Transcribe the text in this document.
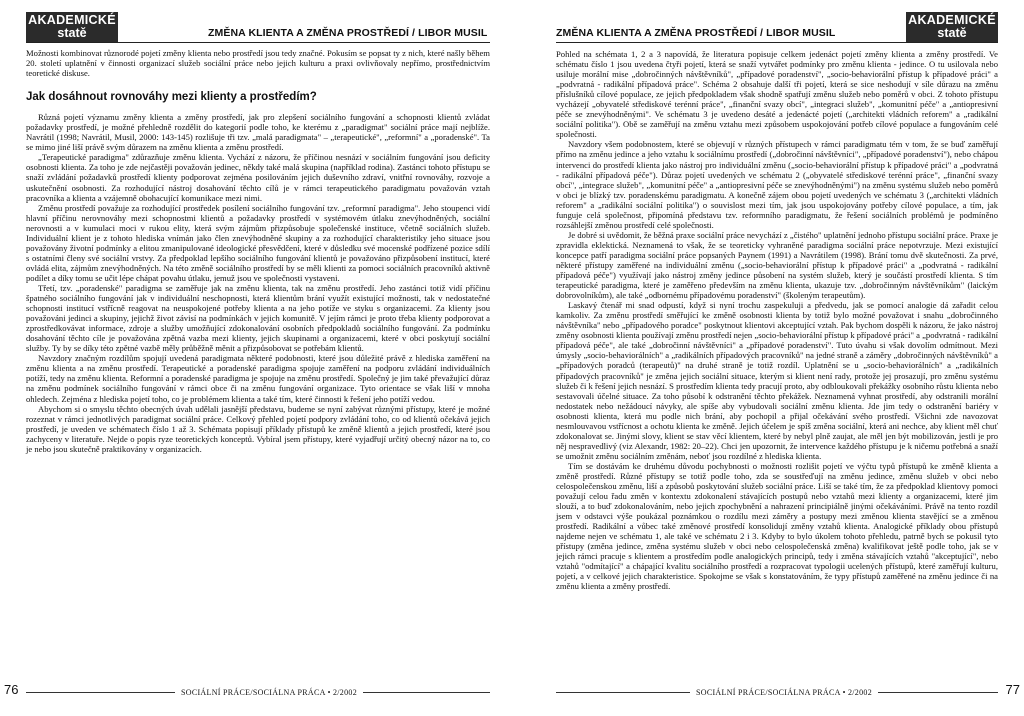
AKADEMICKÉ
statě	ZMĚNA KLIENTA A ZMĚNA PROSTŘEDÍ / LIBOR MUSIL

Možnosti kombinovat různorodé pojetí změny klienta nebo prostředí jsou tedy značné. Pokusím se popsat ty z nich, které našly během 20. století uplatnění v činnosti organizací služeb sociální práce nebo jejich kulturu a praxi ovlivňovaly nepřímo, prostřednictvím teoretické diskuse.

Jak dosáhnout rovnováhy mezi klienty a prostředím?

Různá pojetí významu změny klienta a změny prostředí, jak pro zlepšení sociálního fungování a schopnosti klientů zvládat požadavky prostředí, je možné přehledně rozdělit do kategorií podle toho, ke kterému z „paradigmat" sociální práce mají nejblíže. Navrátil (1998; Navrátil, Musil, 2000: 143-145) rozlišuje tři tzv. „malá paradigmata" – „terapeutické", „reformní" a „poradenské". Ta se mimo jiné liší právě svým důrazem na změnu klienta a změnu prostředí.

„Terapeutické paradigma" zdůrazňuje změnu klienta. Vychází z názoru, že příčinou nesnází v sociálním fungování jsou deficity osobnosti klienta. Za toho je zde nejčastěji považován jedinec, někdy také malá skupina (například rodina). Zastánci tohoto přístupu se snaží zvládání požadavků prostředí klienty podporovat zejména posilováním jejich duševního zdraví, vnitřní rovnováhy, rozvoje a uskutečnění osobnosti. Za rozhodující nástroj dosahování těchto cílů je v rámci terapeutického paradigmatu považován vztah pracovníka a klienta a vzájemně obohacující komunikace mezi nimi.

Změnu prostředí považuje za rozhodující prostředek posílení sociálního fungování tzv. „reformní paradigma". Jeho stoupenci vidí hlavní příčinu nerovnováhy mezi schopnostmi klientů a požadavky prostředí v systémovém útlaku znevýhodněných, sociální nerovnosti a v kumulaci moci v rukou elity, která svým zájmům přizpůsobuje společenské instituce, včetně sociálních služeb. Individuální klient je z tohoto hlediska vnímán jako člen znevýhodněné skupiny a za rozhodující charakteristiky jeho situace jsou považovány životní podmínky a elitou zmanipulované ideologické přesvědčení, které v důsledku své mocenské podřízené pozice sdílí s ostatními členy své sociální vrstvy. Za předpoklad lepšího sociálního fungování klientů je považováno přizpůsobení institucí, které ovládá elita, zájmům znevýhodněných. Na této změně sociálního prostředí by se měli klienti za pomoci sociálních pracovníků aktivně podílet a díky tomu se učit lépe chápat povahu útlaku, jemuž jsou ve společnosti vystaveni.

Třetí, tzv. „poradenské" paradigma se zaměřuje jak na změnu klienta, tak na změnu prostředí. Jeho zastánci totiž vidí příčinu špatného sociálního fungování jak v individuální neschopnosti, která klientům brání využít existující možnosti, tak v nedostatečné schopnosti institucí vstřícně reagovat na neuspokojené potřeby klienta a na jeho potíže ve styku s organizacemi. Za klienty jsou považováni jedinci a skupiny, jejichž život závisí na podmínkách v jejich komunitě. V jejím rámci je proto třeba klienty podporovat a zprostředkovávat informace, zdroje a služby umožňující zdokonalování osobních předpokladů sociálního fungování. Za podmínku dosahování těchto cíle je považována zpětná vazba mezi klienty, jejich skupinami a organizacemi, které v obci poskytují sociální služby. Ty by se díky této zpětné vazbě měly průběžně měnit a přizpůsobovat se potřebám klientů.

Navzdory značným rozdílům spojují uvedená paradigmata některé podobnosti, které jsou důležité právě z hlediska zaměření na změnu klienta a na změnu prostředí. Terapeutické a poradenské paradigma spojuje zaměření na podporu zvládání individuálních potíží, tedy na změnu klienta. Reformní a poradenské paradigma je spojuje na změnu prostředí. Společný je jim také převažující důraz na změnu podmínek sociálního fungování v rámci obce či na změnu fungování organizace. Tyto orientace se však liší v mnoha ohledech. Zejména z hlediska pojetí toho, co je problémem klienta a také tím, které činnosti k řešení jeho potíží vedou.

Abychom si o smyslu těchto obecných úvah udělali jasnější představu, budeme se nyní zabývat různými přístupy, které je možné rozeznat v rámci jednotlivých paradigmat sociální práce. Celkový přehled pojetí podpory zvládání toho, co od klientů očekává jejich prostředí, je uveden ve schématech číslo 1 až 3. Schémata popisují příklady přístupů ke změně klientů a jejich prostředí, které jsou zachyceny v literatuře. Nejde o popis ryze teoretických konceptů. Vybíral jsem přístupy, které vyjadřují určitý obecný názor na to, co je nebo jsou skutečně praktikovány v organizacích.

76	SOCIÁLNÍ PRÁCE/SOCIÁLNA PRÁCA • 2/2002
ZMĚNA KLIENTA A ZMĚNA PROSTŘEDÍ / LIBOR MUSIL
AKADEMICKÉ
statě

Pohled na schémata 1, 2 a 3 napovídá, že literatura popisuje celkem jedenáct pojetí změny klienta a změny prostředí. Ve schématu číslo 1 jsou uvedena čtyři pojetí, která se snaží vytvářet podmínky pro změnu klienta - jedince. O tu usilovala nebo usiluje morální mise „dobročinných návštěvníků", „případové poradenství", „socio-behaviorální přístup k případové práci" a „podvratná - radikální případová práce". Schéma 2 obsahuje další tři pojetí, která se sice neshodují v síle důrazu na změnu příslušníků cílové populace, ze jejich předpokladem však shodně spatřují změnu služeb nebo poměrů v obci. Z tohoto přístupu vycházejí „obyvatelé střediskové terénní práce", „finanční svazy obcí", „integraci služeb", „komunitní péče" a „antiopresivní péče se znevýhodněnými". Ve schématu 3 je uvedeno desáté a jedenácté pojetí („architekti vládních reforem" a „radikální sociální politika"). Obě se zaměřují na změnu vztahu mezi způsobem uspokojování potřeb cílové populace a fungováním celé společnosti.

Navzdory všem podobnostem, které se objevují v různých přístupech v rámci paradigmatu tém v tom, že se buď zaměřují přímo na změnu jedince a jeho vztahu k sociálnímu prostředí („dobročinní návštěvníci", „případové poradenství"), nebo chápou intervenci do prostředí klienta jako nástroj pro individuální změnu („socio-behaviorální přístup k případové práci" a „podvratná - radikální případová péče"). Důraz pojetí uvedených ve schématu 2 („obyvatelé střediskové terénní práce", „finanční svazy obcí", „integrace služeb", „komunitní péče" a „antiopresivní péče se znevýhodněnými") na změnu systému služeb nebo poměrů v obci je blízký tzv. poradenskému paradigmatu. A konečně zájem obou pojetí uvedených ve schématu 3 („architekti vládních reforem" a „radikální sociální politika") o souvislost mezi tím, jak jsou uspokojovány potřeby cílové populace, a tím, jak funguje celá společnost, připomíná představu tzv. reformního paradigmatu, že řešení sociálních problémů je podmíněno rozsáhlejší změnou prostředí celé společnosti.

Je dobré si uvědomit, že běžná praxe sociální práce nevychází z „čistého" uplatnění jednoho přístupu sociální práce. Praxe je zpravidla eklektická. Neznamená to však, že se teoreticky vyhraněné paradigma sociální práce nepotvrzuje. Mezi existující koncepce patří paradigma sociální práce popsaných Paynem (1991) a Navrátilem (1998). Brání tomu dvě skutečnosti. Za prvé, některé přístupy zaměřené na individuální změnu („socio-behaviorální přístup k případové práci" a „podvratná - radikální případová péče") využívají jako nástroj změny jedince působení na systém služeb, který je součástí prostředí klienta. S tím terapeutické paradigma, které je zaměřeno především na změnu klienta, ukazuje tzv. „dobročinným návštěvníkům" (laickým dobrovolníkům), ale také „odbornému případovému poradenství" (školeným terapeutům).

Laskavý čtenář mi snad odpustí, když si nyní trochu zaspekuluji a předvedu, jak se pomocí analogie dá zařadit celou kamkoliv. Za změnu prostředí směřující ke změně osobnosti klienta by totiž bylo možné považovat i snahu „dobročinného návštěvníka" nebo „případového poradce" poskytnout klientovi akceptující vztah. Pak bychom dospěli k názoru, že jako nástroj změny osobnosti klienta používají změnu prostředí nejen „socio-behaviorální přístup k případové práci" a „podvratná - radikální případová péče", ale také „dobročinní návštěvníci" a „případové poradenství". Tuto úvahu si však dovolím odmítnout. Mezi úmysly „socio-behaviorálních" a „radikálních případových pracovníků" na jedné straně a záměry „dobročinných návštěvníků" a „případových poradců (terapeutů)" na druhé straně je totiž rozdíl. Uplatnění se u „socio-behaviorálních" a „radikálních případových pracovníků" je změna jejich sociální situace, kterým si klient není rady, protože jej prosazují, pro změnu systému služeb či k řešení jejich nesnází. S prostředím klienta tedy pracují proto, aby odbloukovali překážky osobního růstu klienta nebo sestavovali účelné situace. Za toho působí k odstranění těchto překážek. Neznamená vyhnat prostředí, aby odstranili morální nedostatek nebo nežádoucí návyky, ale spíše aby vybudovali sociální změnu klienta. Jde jim tedy o odstranění bariéry v osobnosti klienta, která mu podle nich brání, aby pochopil a přijal očekávání svého prostředí. Všichni zde navozovat nesmlouvavou vstřícnost a ochotu klienta ke změně. Jejich účelem je spíš změna sociální, která ani nechce, aby klient měl chuť zdokonalovat se. Jinými slovy, klient se stav věcí klientem, které by nebyl plně zaujat, ale měl jen být mobilizován, jestli je pro něj nespravedlivý (viz Alexandr, 1982: 20–22). Chci jen upozornit, že intervence každého přístupu je k ničemu potřebná a snaží se umožnit změnu sociálním změnám, neboť jsou rozdílné z hlediska klienta.

Tím se dostávám ke druhému důvodu pochybnosti o možnosti rozlišit pojetí ve výčtu typů přístupů ke změně klienta a změně prostředí. Různé přístupy se totiž podle toho, zda se soustřeďují na změnu jedince, změnu služeb v obci nebo celospolečenskou změnu, liší a způsobů poskytování služeb sociální práce. Liší se také tím, že za předpoklad klientovy pomoci považují celou řadu změn v kontextu zdokonalení stávajících postupů nebo vztahů mezi klienty a organizacemi, které jim slouží, a to buď zdokonalováním, nebo jejich zpochybnění a nahrazení principiálně jinými očekáváními. Právě na tento rozdíl jsem v odstavci výše poukázal poznámkou o rozdílu mezi záměry a postupy mezi změnou klienta stavějící se a změnou prostředí. Radikální a vůbec také změnové prostředí konsolidují změny vztahů klienta. Analogické příklady obou přístupů najdeme nejen ve schématu 1, ale také ve schématu 2 i 3. Kdyby to bylo úkolem tohoto přehledu, patrně bych se pokusil tyto přístupy (změna jedince, změna systému služeb v obci nebo celospolečenská změna) kvalifikovat ještě podle toho, jak se v jejich rámci pracuje s klientem a prostředím podle analogických principů, tedy i změna stávajících vztahů "akceptující", nebo vztahů "odmítající" a chápající kvalitu sociálního prostředí a rozpracovat typologii ucelených přístupů, které zaměřují kulturu, pojetí, a v celkové jejich charakteristice. Spokojme se však s konstatováním, že typy přístupů zaměřené na změnu jedince či na změnu klienta a změny prostředí.

SOCIÁLNÍ PRÁCE/SOCIÁLNA PRÁCA • 2/2002	77
